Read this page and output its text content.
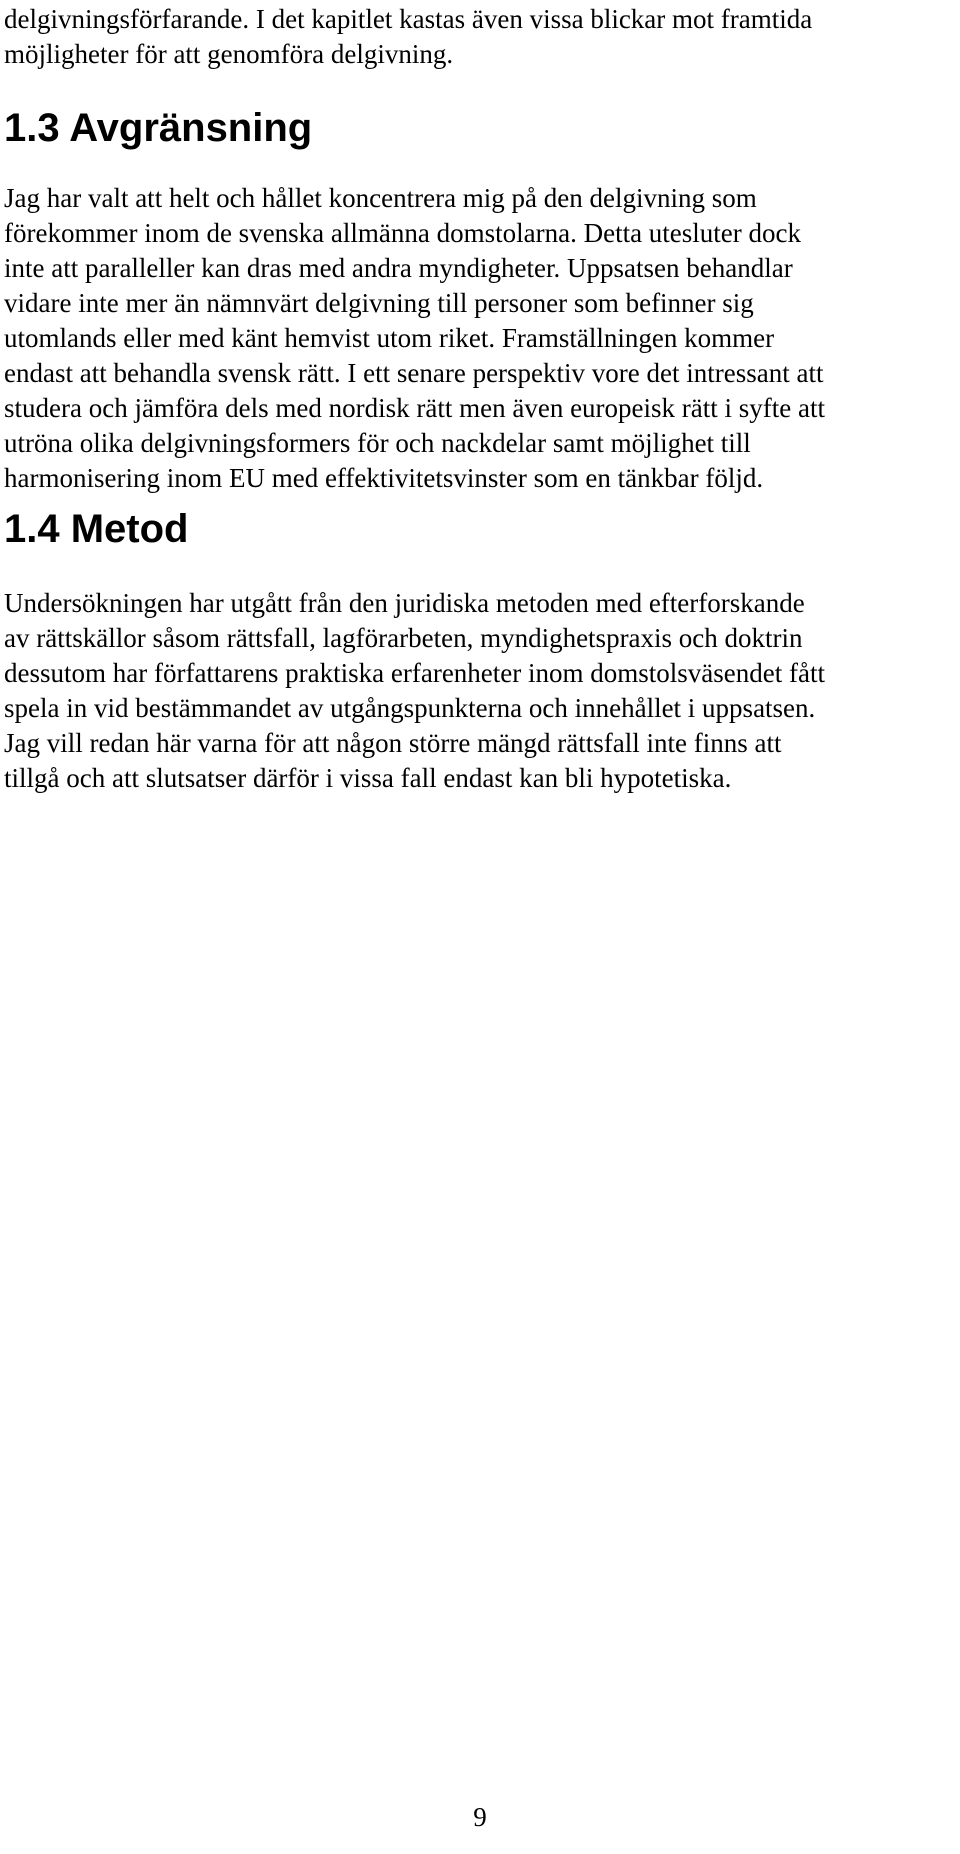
delgivningsförfarande. I det kapitlet kastas även vissa blickar mot framtida
möjligheter för att genomföra delgivning.

1.3 Avgränsning

Jag har valt att helt och hållet koncentrera mig på den delgivning som
förekommer inom de svenska allmänna domstolarna. Detta utesluter dock
inte att paralleller kan dras med andra myndigheter. Uppsatsen behandlar
vidare inte mer än nämnvärt delgivning till personer som befinner sig
utomlands eller med känt hemvist utom riket. Framställningen kommer
endast att behandla svensk rätt. I ett senare perspektiv vore det intressant att
studera och jämföra dels med nordisk rätt men även europeisk rätt i syfte att
utröna olika delgivningsformers för och nackdelar samt möjlighet till
harmonisering inom EU med effektivitetsvinster som en tänkbar följd.

1.4 Metod

Undersökningen har utgått från den juridiska metoden med efterforskande
av rättskällor såsom rättsfall, lagförarbeten, myndighetspraxis och doktrin
dessutom har författarens praktiska erfarenheter inom domstolsväsendet fått
spela in vid bestämmandet av utgångspunkterna och innehållet i uppsatsen.
Jag vill redan här varna för att någon större mängd rättsfall inte finns att
tillgå och att slutsatser därför i vissa fall endast kan bli hypotetiska.

9
